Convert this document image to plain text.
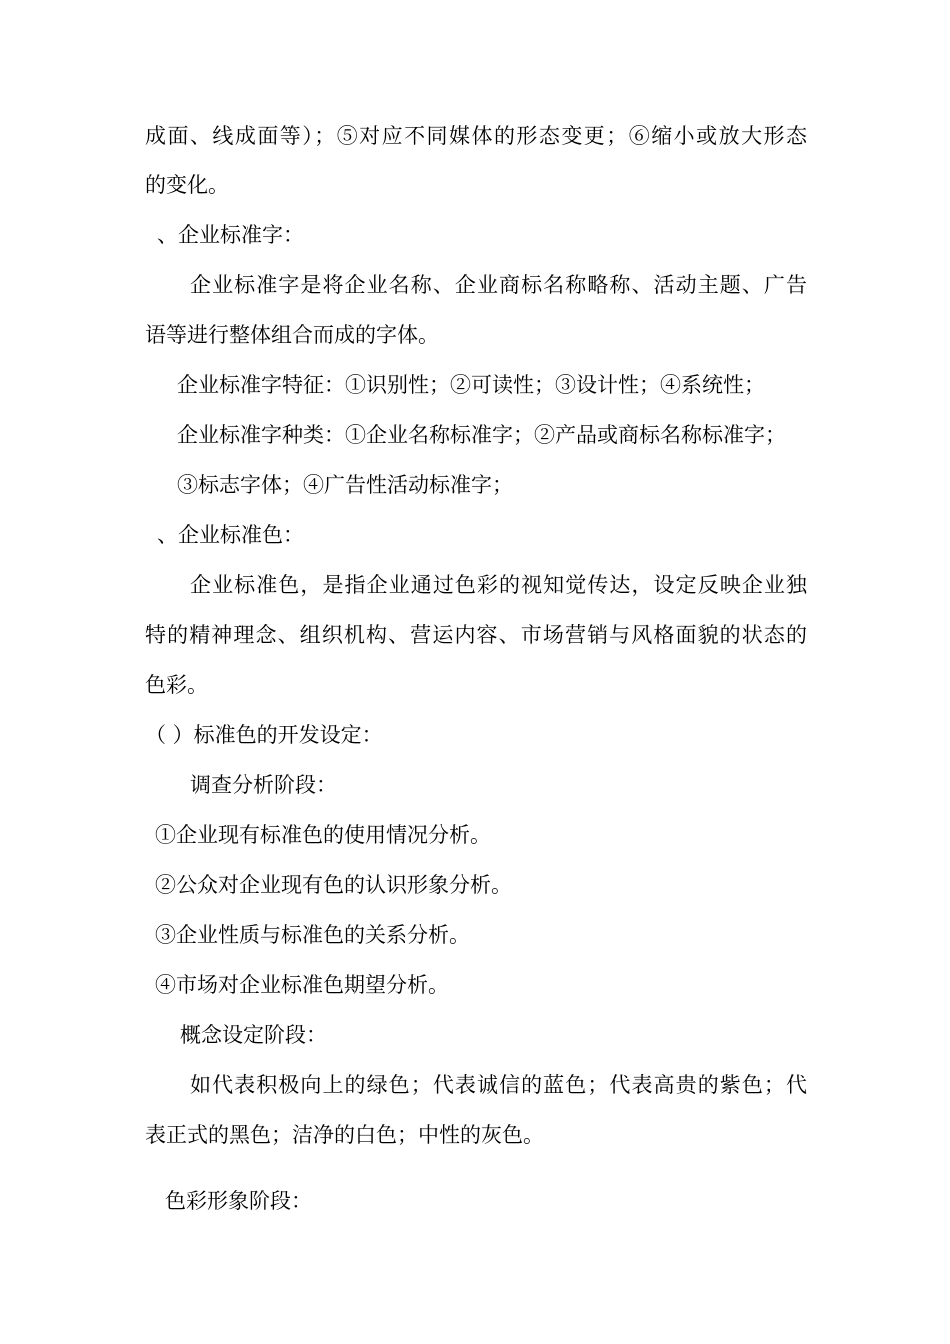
成面、线成面等）；⑤对应不同媒体的形态变更；⑥缩小或放大形态

的变化。

、企业标准字：

企业标准字是将企业名称、企业商标名称略称、活动主题、广告

语等进行整体组合而成的字体。

企业标准字特征：①识别性；②可读性；③设计性；④系统性；

企业标准字种类：①企业名称标准字；②产品或商标名称标准字；

③标志字体；④广告性活动标准字；

、企业标准色：

企业标准色，是指企业通过色彩的视知觉传达，设定反映企业独

特的精神理念、组织机构、营运内容、市场营销与风格面貌的状态的

色彩。

（ ）标准色的开发设定：

调查分析阶段：

①企业现有标准色的使用情况分析。

②公众对企业现有色的认识形象分析。

③企业性质与标准色的关系分析。

④市场对企业标准色期望分析。

概念设定阶段：

如代表积极向上的绿色；代表诚信的蓝色；代表高贵的紫色；代

表正式的黑色；洁净的白色；中性的灰色。

色彩形象阶段：
